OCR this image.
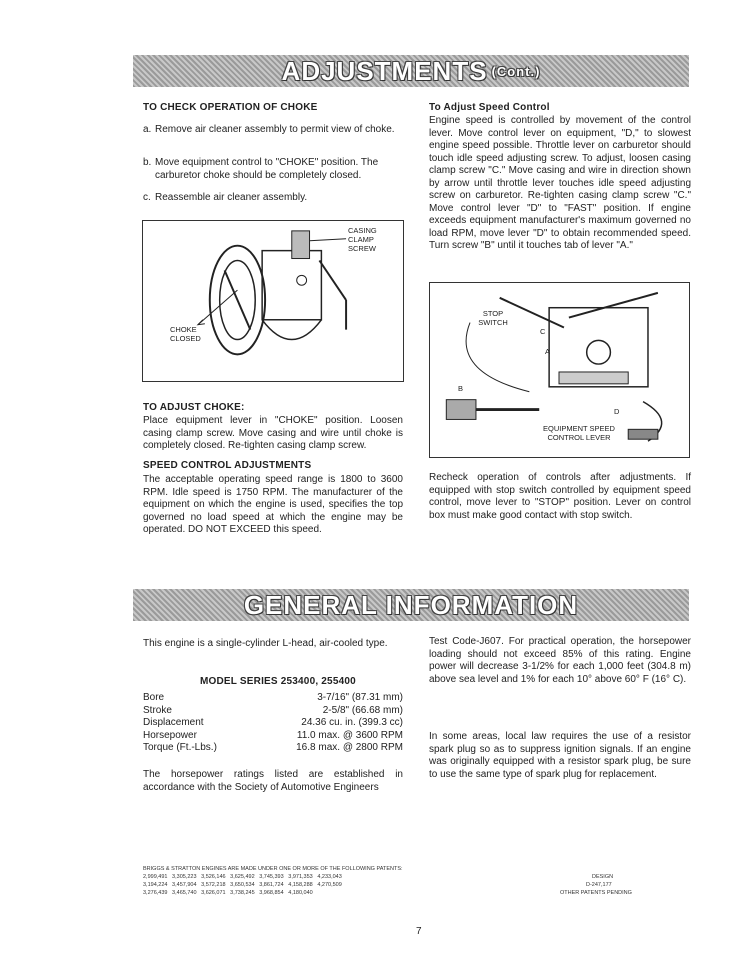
ADJUSTMENTS (Cont.)
TO CHECK OPERATION OF CHOKE
a. Remove air cleaner assembly to permit view of choke.
b. Move equipment control to "CHOKE" position. The carburetor choke should be completely closed.
c. Reassemble air cleaner assembly.
CASING CLAMP SCREW
CHOKE CLOSED
TO ADJUST CHOKE:
Place equipment lever in "CHOKE" position. Loosen casing clamp screw. Move casing and wire until choke is completely closed. Re-tighten casing clamp screw.
SPEED CONTROL ADJUSTMENTS
The acceptable operating speed range is 1800 to 3600 RPM. Idle speed is 1750 RPM. The manufacturer of the equipment on which the engine is used, specifies the top governed no load speed at which the engine may be operated. DO NOT EXCEED this speed.
To Adjust Speed Control
Engine speed is controlled by movement of the control lever. Move control lever on equipment, "D," to slowest engine speed possible. Throttle lever on carburetor should touch idle speed adjusting screw. To adjust, loosen casing clamp screw "C." Move casing and wire in direction shown by arrow until throttle lever touches idle speed adjusting screw on carburetor. Re-tighten casing clamp screw "C." Move control lever "D" to "FAST" position. If engine exceeds equipment manufacturer's maximum governed no load RPM, move lever "D" to obtain recommended speed. Turn screw "B" until it touches tab of lever "A."
STOP SWITCH
C
A
B
D
EQUIPMENT SPEED CONTROL LEVER
Recheck operation of controls after adjustments. If equipped with stop switch controlled by equipment speed control, move lever to "STOP" position. Lever on control box must make good contact with stop switch.
GENERAL INFORMATION
This engine is a single-cylinder L-head, air-cooled type.
MODEL SERIES 253400, 255400
Bore	3-7/16" (87.31 mm)
Stroke	2-5/8" (66.68 mm)
Displacement	24.36 cu. in. (399.3 cc)
Horsepower	11.0 max. @ 3600 RPM
Torque (Ft.-Lbs.)	16.8 max. @ 2800 RPM
The horsepower ratings listed are established in accordance with the Society of Automotive Engineers
Test Code-J607. For practical operation, the horsepower loading should not exceed 85% of this rating. Engine power will decrease 3-1/2% for each 1,000 feet (304.8 m) above sea level and 1% for each 10° above 60° F (16° C).
In some areas, local law requires the use of a resistor spark plug so as to suppress ignition signals. If an engine was originally equipped with a resistor spark plug, be sure to use the same type of spark plug for replacement.
BRIGGS & STRATTON ENGINES ARE MADE UNDER ONE OR MORE OF THE FOLLOWING PATENTS:
2,999,491   3,305,223   3,526,146   3,625,492   3,745,393   3,971,353   4,233,043
3,194,224   3,457,904   3,572,218   3,650,534   3,861,724   4,158,288   4,270,509
3,276,439   3,465,740   3,626,071   3,738,245   3,968,854   4,180,040
DESIGN
D-247,177
OTHER PATENTS PENDING
7
